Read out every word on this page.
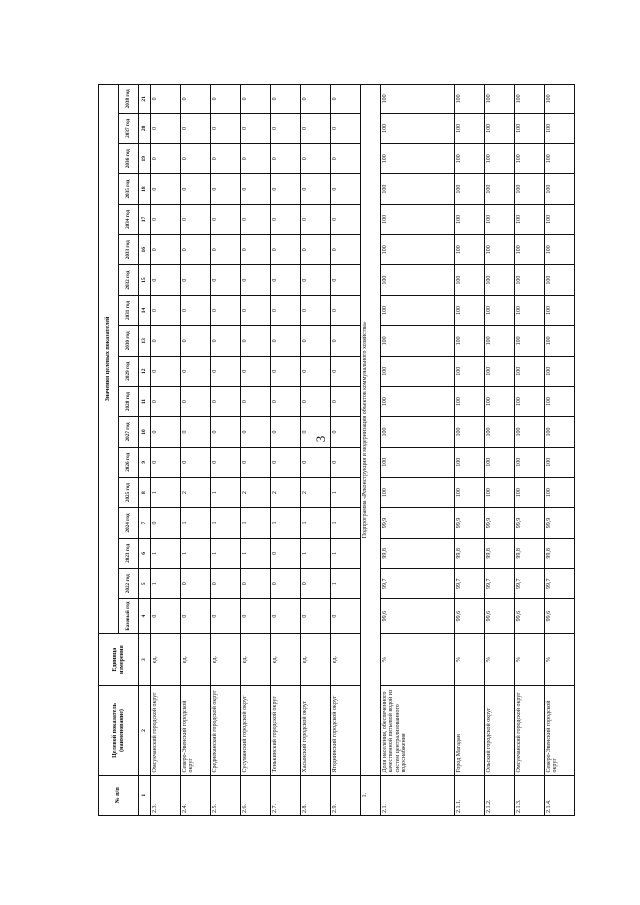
3
№ п/п	Целевой показатель (наименование)	Единица измерения	Значения целевых показателей																	
			Базовый год	2022 год	2023 год	2024 год	2025 год	2026 год	2027 год	2028 год	2029 год	2030 год	2031 год	2032 год	2033 год	2034 год	2035 год	2036 год	2037 год	2038 год
1	2	3	4	5	6	7	8	9	10	11	12	13	14	15	16	17	18	19	20	21
2.3.	Омсукчанский городской округ	ед.	0	1	1	0	1	0	0	0	0	0	0	0	0	0	0	0	0	0
2.4.	Северо-Эвенский городской округ	ед.	0	0	1	1	2	0	0	0	0	0	0	0	0	0	0	0	0	0
2.5.	Среднеканский городской округ	ед.	0	0	1	1	1	0	0	0	0	0	0	0	0	0	0	0	0	0
2.6.	Сусуманский городской округ	ед.	0	0	1	1	2	0	0	0	0	0	0	0	0	0	0	0	0	0
2.7.	Тенькинский городской округ	ед.	0	0	0	1	2	0	0	0	0	0	0	0	0	0	0	0	0	0
2.8.	Хасынский городской округ	ед.	0	0	1	1	2	0	0	0	0	0	0	0	0	0	0	0	0	0
2.9.	Ягоднинский городской округ	ед.	0	1	1	1	1	0	0	0	0	0	0	0	0	0	0	0	0	0
1.	Подпрограмма «Реконструкция и модернизация объектов коммунального хозяйства»																			
2.1.	Доля населения, обеспеченного качественной питьевой водой из систем централизованного водоснабжения	%	99,6	99,7	99,8	99,9	100	100	100	100	100	100	100	100	100	100	100	100	100	100
2.1.1.	Город Магадан	%	99,6	99,7	99,8	99,9	100	100	100	100	100	100	100	100	100	100	100	100	100	100
2.1.2.	Ольский городской округ	%	99,6	99,7	99,8	99,9	100	100	100	100	100	100	100	100	100	100	100	100	100	100
2.1.3.	Омсукчанский городской округ	%	99,6	99,7	99,8	99,9	100	100	100	100	100	100	100	100	100	100	100	100	100	100
2.1.4.	Северо-Эвенский городской округ	%	99,6	99,7	99,8	99,9	100	100	100	100	100	100	100	100	100	100	100	100	100	100
